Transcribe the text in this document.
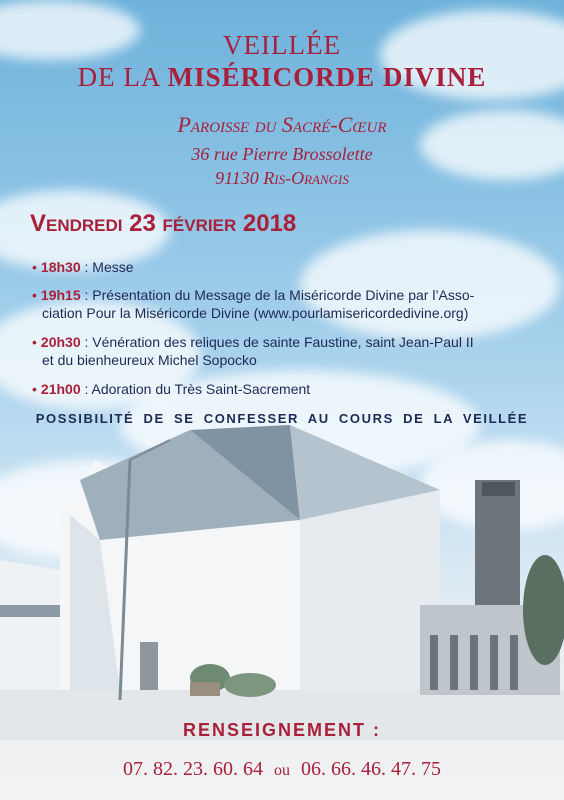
VEILLÉE
DE LA MISÉRICORDE DIVINE
Paroisse du Sacré-Cœur
36 rue Pierre Brossolette
91130 Ris-Orangis
Vendredi 23 février 2018
• 18h30 : Messe
• 19h15 : Présentation du Message de la Miséricorde Divine par l’Asso-
ciation Pour la Miséricorde Divine (www.pourlamisericordedivine.org)
• 20h30 : Vénération des reliques de sainte Faustine, saint Jean-Paul II
et du bienheureux Michel Sopocko
• 21h00 : Adoration du Très Saint-Sacrement
POSSIBILITÉ DE SE CONFESSER AU COURS DE LA VEILLÉE
RENSEIGNEMENT :
07. 82. 23. 60. 64 ou 06. 66. 46. 47. 75
